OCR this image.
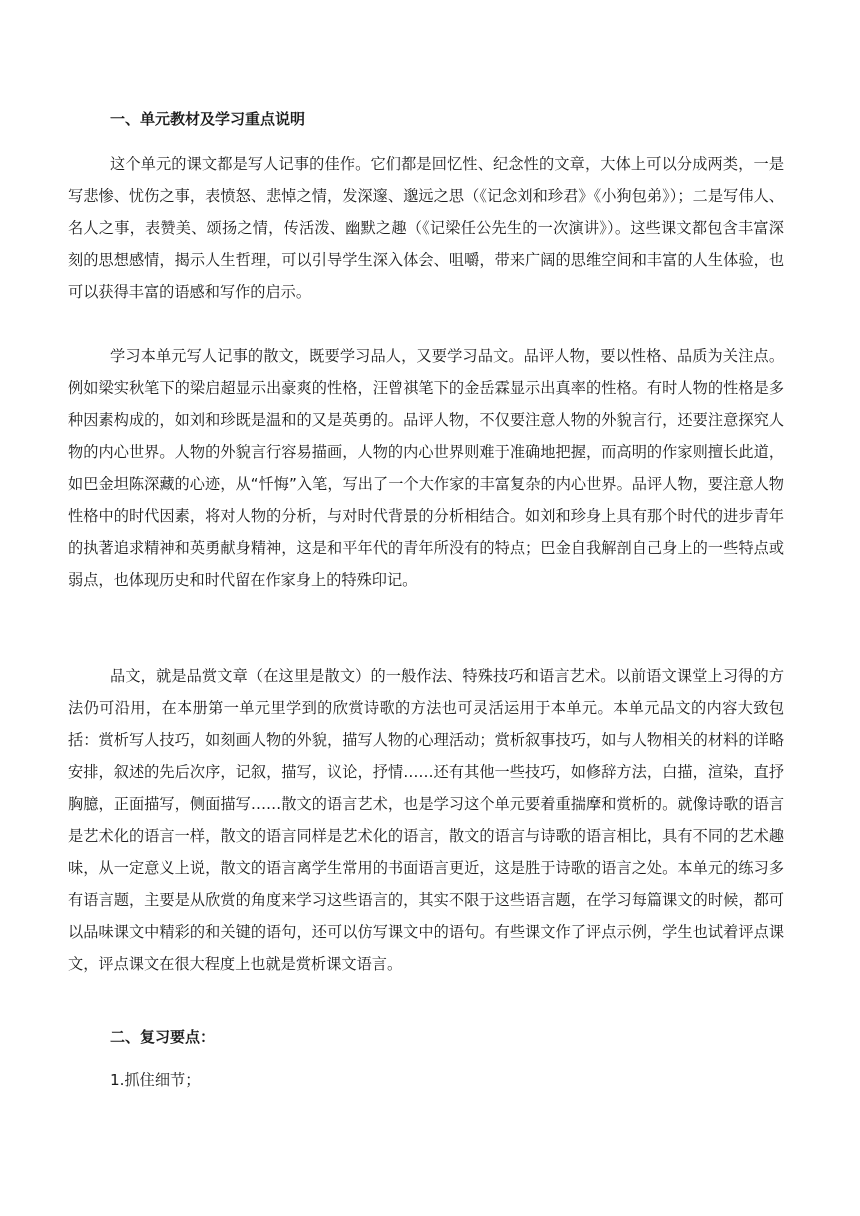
一、单元教材及学习重点说明
这个单元的课文都是写人记事的佳作。它们都是回忆性、纪念性的文章，大体上可以分成两类，一是写悲惨、忧伤之事，表愤怒、悲悼之情，发深邃、邈远之思（《记念刘和珍君》《小狗包弟》）；二是写伟人、名人之事，表赞美、颂扬之情，传活泼、幽默之趣（《记梁任公先生的一次演讲》）。这些课文都包含丰富深刻的思想感情，揭示人生哲理，可以引导学生深入体会、咀嚼，带来广阔的思维空间和丰富的人生体验，也可以获得丰富的语感和写作的启示。
学习本单元写人记事的散文，既要学习品人，又要学习品文。品评人物，要以性格、品质为关注点。例如梁实秋笔下的梁启超显示出豪爽的性格，汪曾祺笔下的金岳霖显示出真率的性格。有时人物的性格是多种因素构成的，如刘和珍既是温和的又是英勇的。品评人物，不仅要注意人物的外貌言行，还要注意探究人物的内心世界。人物的外貌言行容易描画，人物的内心世界则难于准确地把握，而高明的作家则擅长此道，如巴金坦陈深藏的心迹，从“忏悔”入笔，写出了一个大作家的丰富复杂的内心世界。品评人物，要注意人物性格中的时代因素，将对人物的分析，与对时代背景的分析相结合。如刘和珍身上具有那个时代的进步青年的执著追求精神和英勇献身精神，这是和平年代的青年所没有的特点；巴金自我解剖自己身上的一些特点或弱点，也体现历史和时代留在作家身上的特殊印记。
品文，就是品赏文章（在这里是散文）的一般作法、特殊技巧和语言艺术。以前语文课堂上习得的方法仍可沿用，在本册第一单元里学到的欣赏诗歌的方法也可灵活运用于本单元。本单元品文的内容大致包括：赏析写人技巧，如刻画人物的外貌，描写人物的心理活动；赏析叙事技巧，如与人物相关的材料的详略安排，叙述的先后次序，记叙，描写，议论，抒情……还有其他一些技巧，如修辞方法，白描，渲染，直抒胸臆，正面描写，侧面描写……散文的语言艺术，也是学习这个单元要着重揣摩和赏析的。就像诗歌的语言是艺术化的语言一样，散文的语言同样是艺术化的语言，散文的语言与诗歌的语言相比，具有不同的艺术趣味，从一定意义上说，散文的语言离学生常用的书面语言更近，这是胜于诗歌的语言之处。本单元的练习多有语言题，主要是从欣赏的角度来学习这些语言的，其实不限于这些语言题，在学习每篇课文的时候，都可以品味课文中精彩的和关键的语句，还可以仿写课文中的语句。有些课文作了评点示例，学生也试着评点课文，评点课文在很大程度上也就是赏析课文语言。
二、复习要点：
1.抓住细节；
